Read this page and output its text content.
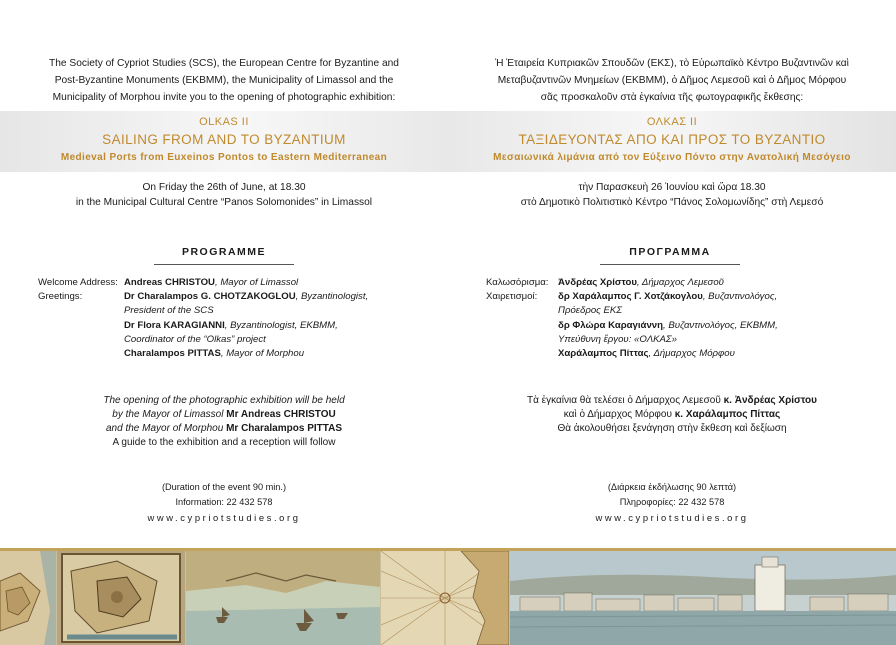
The Society of Cypriot Studies (SCS), the European Centre for Byzantine and
Post-Byzantine Monuments (EKBMM), the Municipality of Limassol and the
Municipality of Morphou invite you to the opening of photographic exhibition:
OLKAS II
SAILING FROM AND TO BYZANTIUM
Medieval Ports from Euxeinos Pontos to Eastern Mediterranean
On Friday the 26th of June, at 18.30
in the Municipal Cultural Centre “Panos Solomonides” in Limassol
PROGRAMME
Welcome Address: Andreas CHRISTOU, Mayor of Limassol
Greetings:	Dr Charalampos G. CHOTZAKOGLOU, Byzantinologist,
President of the SCS
Dr Flora KARAGIANNI, Byzantinologist, EKBMM,
Coordinator of the “Olkas” project
Charalampos PITTAS, Mayor of Morphou
The opening of the photographic exhibition will be held
by the Mayor of Limassol Mr Andreas CHRISTOU
and the Mayor of Morphou Mr Charalampos PITTAS
A guide to the exhibition and a reception will follow
(Duration of the event 90 min.)
Information: 22 432 578
www.cypriotstudies.org
Ἡ Ἑταιρεία Κυπριακῶν Σπουδῶν (ΕΚΣ), τὸ Εὐρωπαϊκὸ Κέντρο Βυζαντινῶν καὶ
Μεταβυζαντινῶν Μνημείων (ΕΚΒΜΜ), ὁ Δῆμος Λεμεσοῦ καὶ ὁ Δῆμος Μόρφου
σᾶς προσκαλοῦν στὰ ἐγκαίνια τῆς φωτογραφικῆς ἔκθεσης:
ΟΛΚΑΣ ΙΙ
ΤΑΞΙΔΕΥΟΝΤΑΣ ΑΠΟ ΚΑΙ ΠΡΟΣ ΤΟ ΒΥΖΑΝΤΙΟ
Μεσαιωνικά λιμάνια από τον Εύξεινο Πόντο στην Ανατολική Μεσόγειο
τὴν Παρασκευὴ 26 Ἰουνίου καὶ ὥρα 18.30
στὸ Δημοτικὸ Πολιτιστικὸ Κέντρο “Πάνος Σολομωνίδης” στὴ Λεμεσό
ΠΡΟΓΡΑΜΜΑ
Καλωσόρισμα: Ἀνδρέας Χρίστου, Δήμαρχος Λεμεσοῦ
Χαιρετισμοί:	δρ Χαράλαμπος Γ. Χοτζάκογλου, Βυζαντινολόγος,
Πρόεδρος ΕΚΣ
δρ Φλώρα Καραγιάννη, Βυζαντινολόγος, ΕΚΒΜΜ,
Υπεύθυνη ἔργου: «ΟΛΚΑΣ»
Χαράλαμπος Πίττας, Δήμαρχος Μόρφου
Τὰ ἐγκαίνια θὰ τελέσει ὁ Δήμαρχος Λεμεσοῦ κ. Ἀνδρέας Χρίστου
καὶ ὁ Δήμαρχος Μόρφου κ. Χαράλαμπος Πίττας
Θὰ ἀκολουθήσει ξενάγηση στὴν ἔκθεση καὶ δεξίωση
(Διάρκεια ἐκδήλωσης 90 λεπτά)
Πληροφορίες: 22 432 578
www.cypriotstudies.org
